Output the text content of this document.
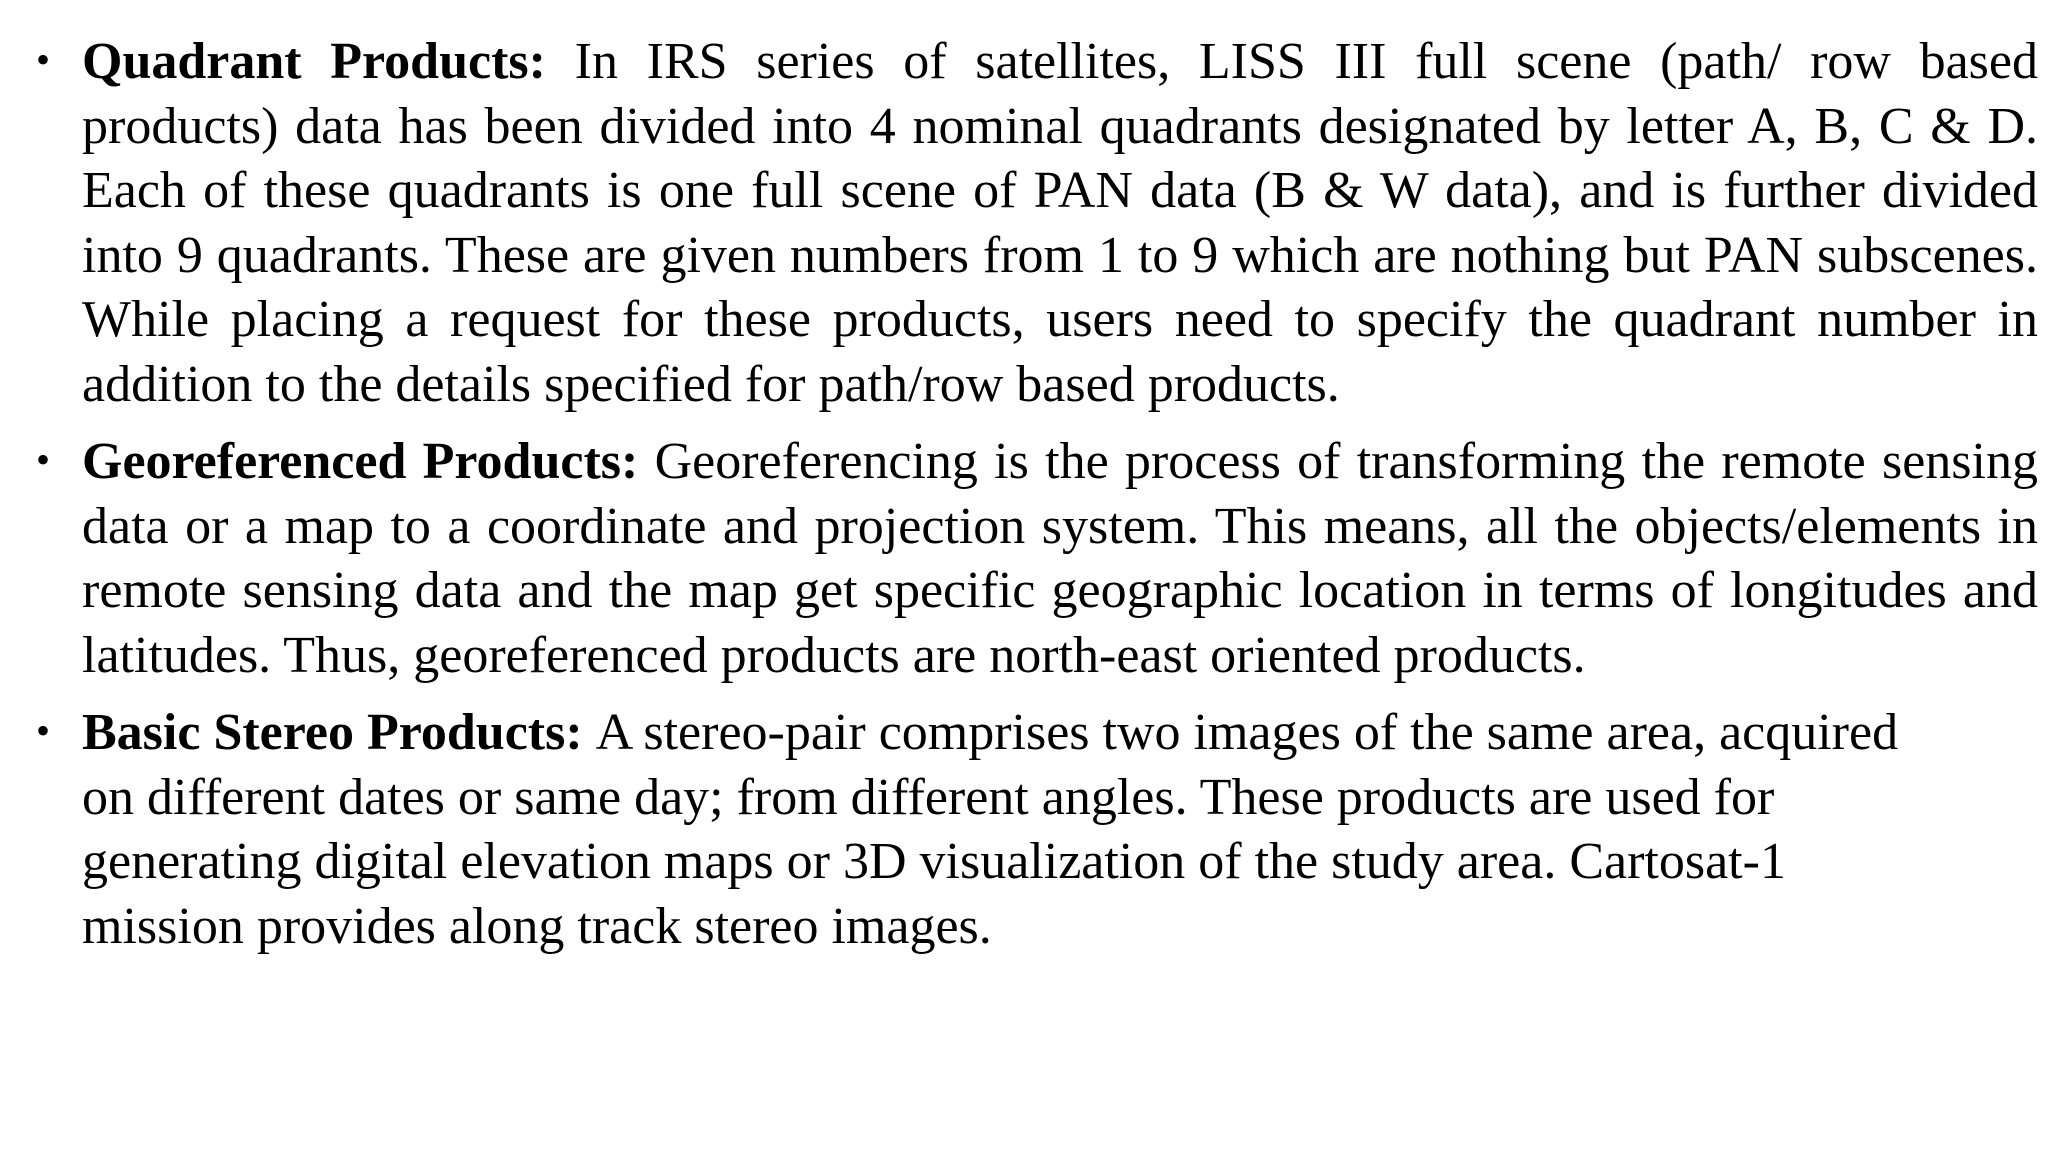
• Quadrant Products: In IRS series of satellites, LISS III full scene (path/ row based products) data has been divided into 4 nominal quadrants designated by letter A, B, C & D. Each of these quadrants is one full scene of PAN data (B & W data), and is further divided into 9 quadrants. These are given numbers from 1 to 9 which are nothing but PAN subscenes. While placing a request for these products, users need to specify the quadrant number in addition to the details specified for path/row based products.
• Georeferenced Products: Georeferencing is the process of transforming the remote sensing data or a map to a coordinate and projection system. This means, all the objects/elements in remote sensing data and the map get specific geographic location in terms of longitudes and latitudes. Thus, georeferenced products are north-east oriented products.
• Basic Stereo Products: A stereo-pair comprises two images of the same area, acquired on different dates or same day; from different angles. These products are used for generating digital elevation maps or 3D visualization of the study area. Cartosat-1 mission provides along track stereo images.
